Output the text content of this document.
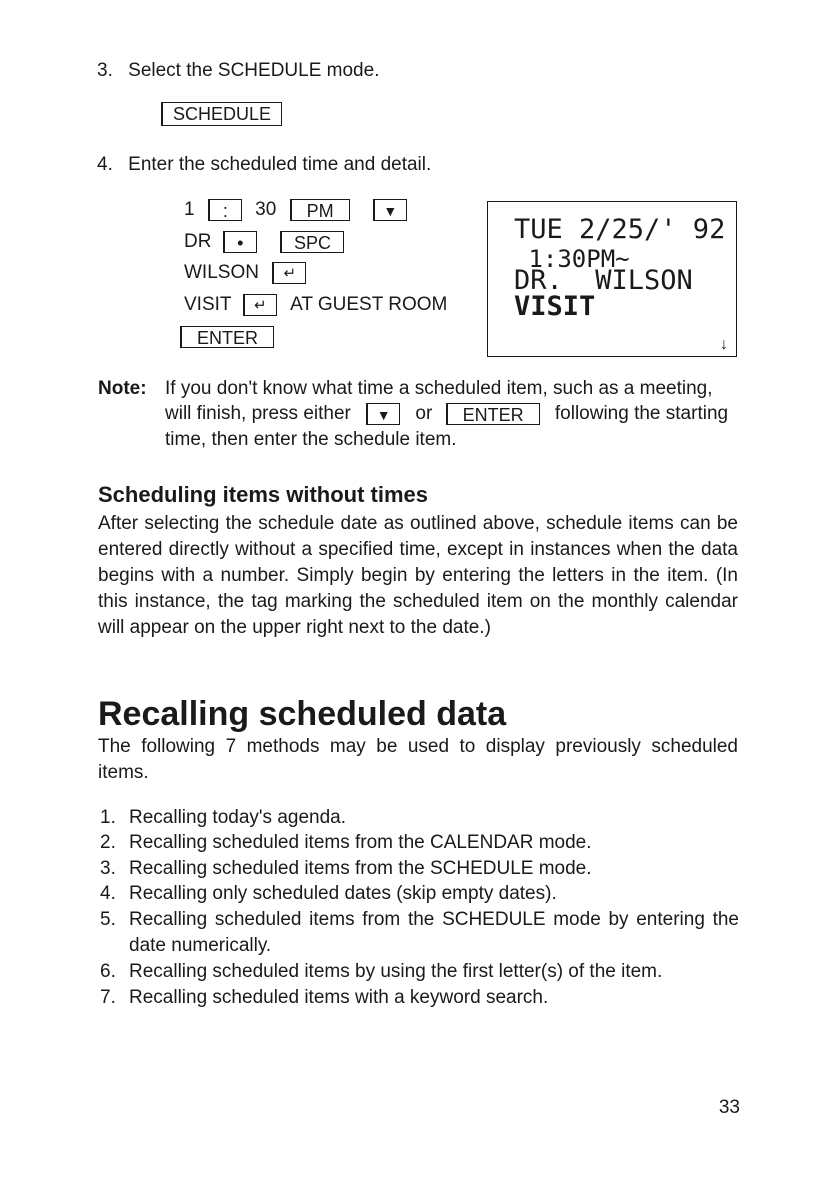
3. Select the SCHEDULE mode.
SCHEDULE
4. Enter the scheduled time and detail.
1 : 30 PM	▼
DR •	SPC
WILSON ↵
VISIT ↵ AT GUEST ROOM
ENTER
TUE 2/25/' 92
1:30PM~
DR.  WILSON
VISIT
↓
Note: If you don't know what time a scheduled item, such as a meeting,
will finish, press either ▼ or ENTER following the starting
time, then enter the schedule item.
Scheduling items without times
After selecting the schedule date as outlined above, schedule items can be entered directly without a specified time, except in instances when the data begins with a number. Simply begin by entering the letters in the item. (In this instance, the tag marking the scheduled item on the monthly calendar will appear on the upper right next to the date.)
Recalling scheduled data
The following 7 methods may be used to display previously scheduled items.
1. Recalling today's agenda.
2. Recalling scheduled items from the CALENDAR mode.
3. Recalling scheduled items from the SCHEDULE mode.
4. Recalling only scheduled dates (skip empty dates).
5. Recalling scheduled items from the SCHEDULE mode by entering the date numerically.
6. Recalling scheduled items by using the first letter(s) of the item.
7. Recalling scheduled items with a keyword search.
33
